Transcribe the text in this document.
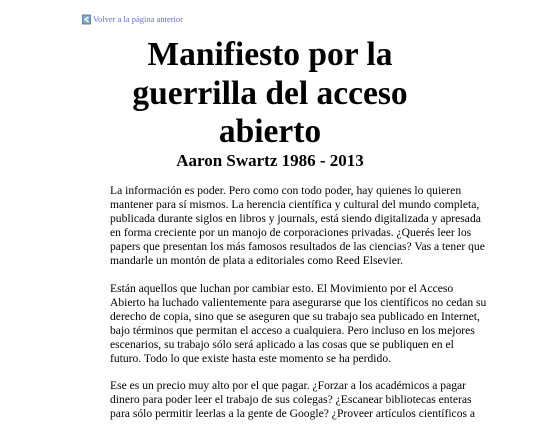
Volver a la página anterior
Manifiesto por la
guerrilla del acceso
abierto
Aaron Swartz 1986 - 2013

La información es poder. Pero como con todo poder, hay quienes lo quieren
mantener para sí mismos. La herencia científica y cultural del mundo completa,
publicada durante siglos en libros y journals, está siendo digitalizada y apresada
en forma creciente por un manojo de corporaciones privadas. ¿Querés leer los
papers que presentan los más famosos resultados de las ciencias? Vas a tener que
mandarle un montón de plata a editoriales como Reed Elsevier.

Están aquellos que luchan por cambiar esto. El Movimiento por el Acceso
Abierto ha luchado valientemente para asegurarse que los científicos no cedan su
derecho de copia, sino que se aseguren que su trabajo sea publicado en Internet,
bajo términos que permitan el acceso a cualquiera. Pero incluso en los mejores
escenarios, su trabajo sólo será aplicado a las cosas que se publiquen en el
futuro. Todo lo que existe hasta este momento se ha perdido.

Ese es un precio muy alto por el que pagar. ¿Forzar a los académicos a pagar
dinero para poder leer el trabajo de sus colegas? ¿Escanear bibliotecas enteras
para sólo permitir leerlas a la gente de Google? ¿Proveer artículos científicos a
